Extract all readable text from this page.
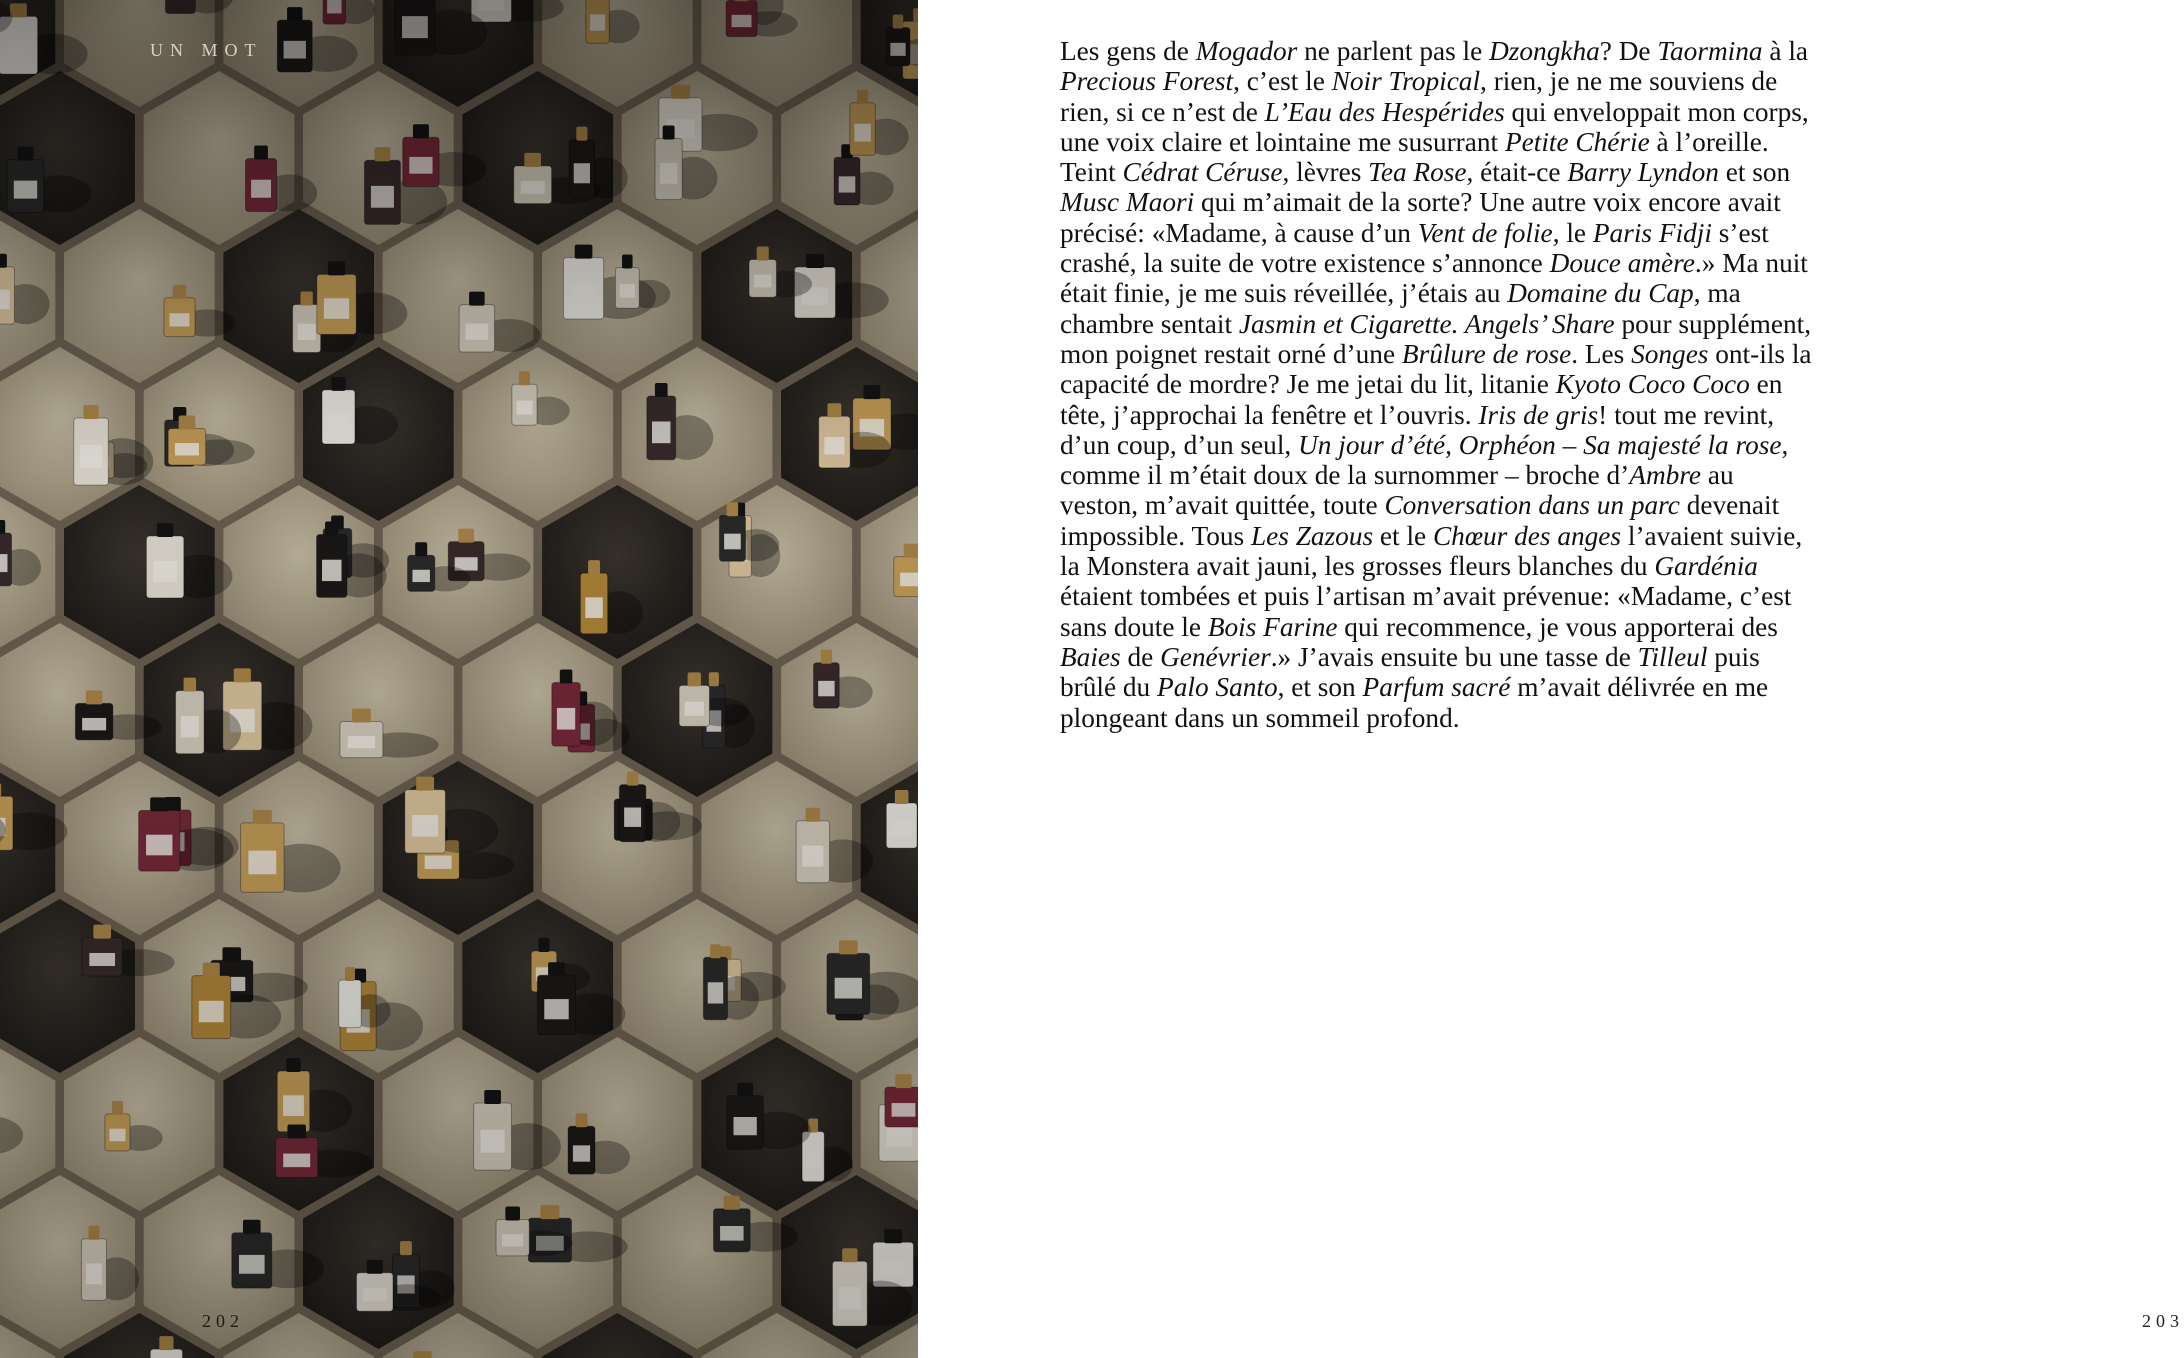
UN MOT
202

Les gens de Mogador ne parlent pas le Dzongkha? De Taormina à la Precious Forest, c’est le Noir Tropical, rien, je ne me souviens de rien, si ce n’est de L’Eau des Hespérides qui enveloppait mon corps, une voix claire et lointaine me susurrant Petite Chérie à l’oreille. Teint Cédrat Céruse, lèvres Tea Rose, était-ce Barry Lyndon et son Musc Maori qui m’aimait de la sorte? Une autre voix encore avait précisé: «Madame, à cause d’un Vent de folie, le Paris Fidji s’est crashé, la suite de votre existence s’annonce Douce amère.» Ma nuit était finie, je me suis réveillée, j’étais au Domaine du Cap, ma chambre sentait Jasmin et Cigarette. Angels’ Share pour supplément, mon poignet restait orné d’une Brûlure de rose. Les Songes ont-ils la capacité de mordre? Je me jetai du lit, litanie Kyoto Coco Coco en tête, j’approchai la fenêtre et l’ouvris. Iris de gris! tout me revint, d’un coup, d’un seul, Un jour d’été, Orphéon – Sa majesté la rose, comme il m’était doux de la surnommer – broche d’Ambre au veston, m’avait quittée, toute Conversation dans un parc devenait impossible. Tous Les Zazous et le Chœur des anges l’avaient suivie, la Monstera avait jauni, les grosses fleurs blanches du Gardénia étaient tombées et puis l’artisan m’avait prévenue: «Madame, c’est sans doute le Bois Farine qui recommence, je vous apporterai des Baies de Genévrier.» J’avais ensuite bu une tasse de Tilleul puis brûlé du Palo Santo, et son Parfum sacré m’avait délivrée en me plongeant dans un sommeil profond.

203
